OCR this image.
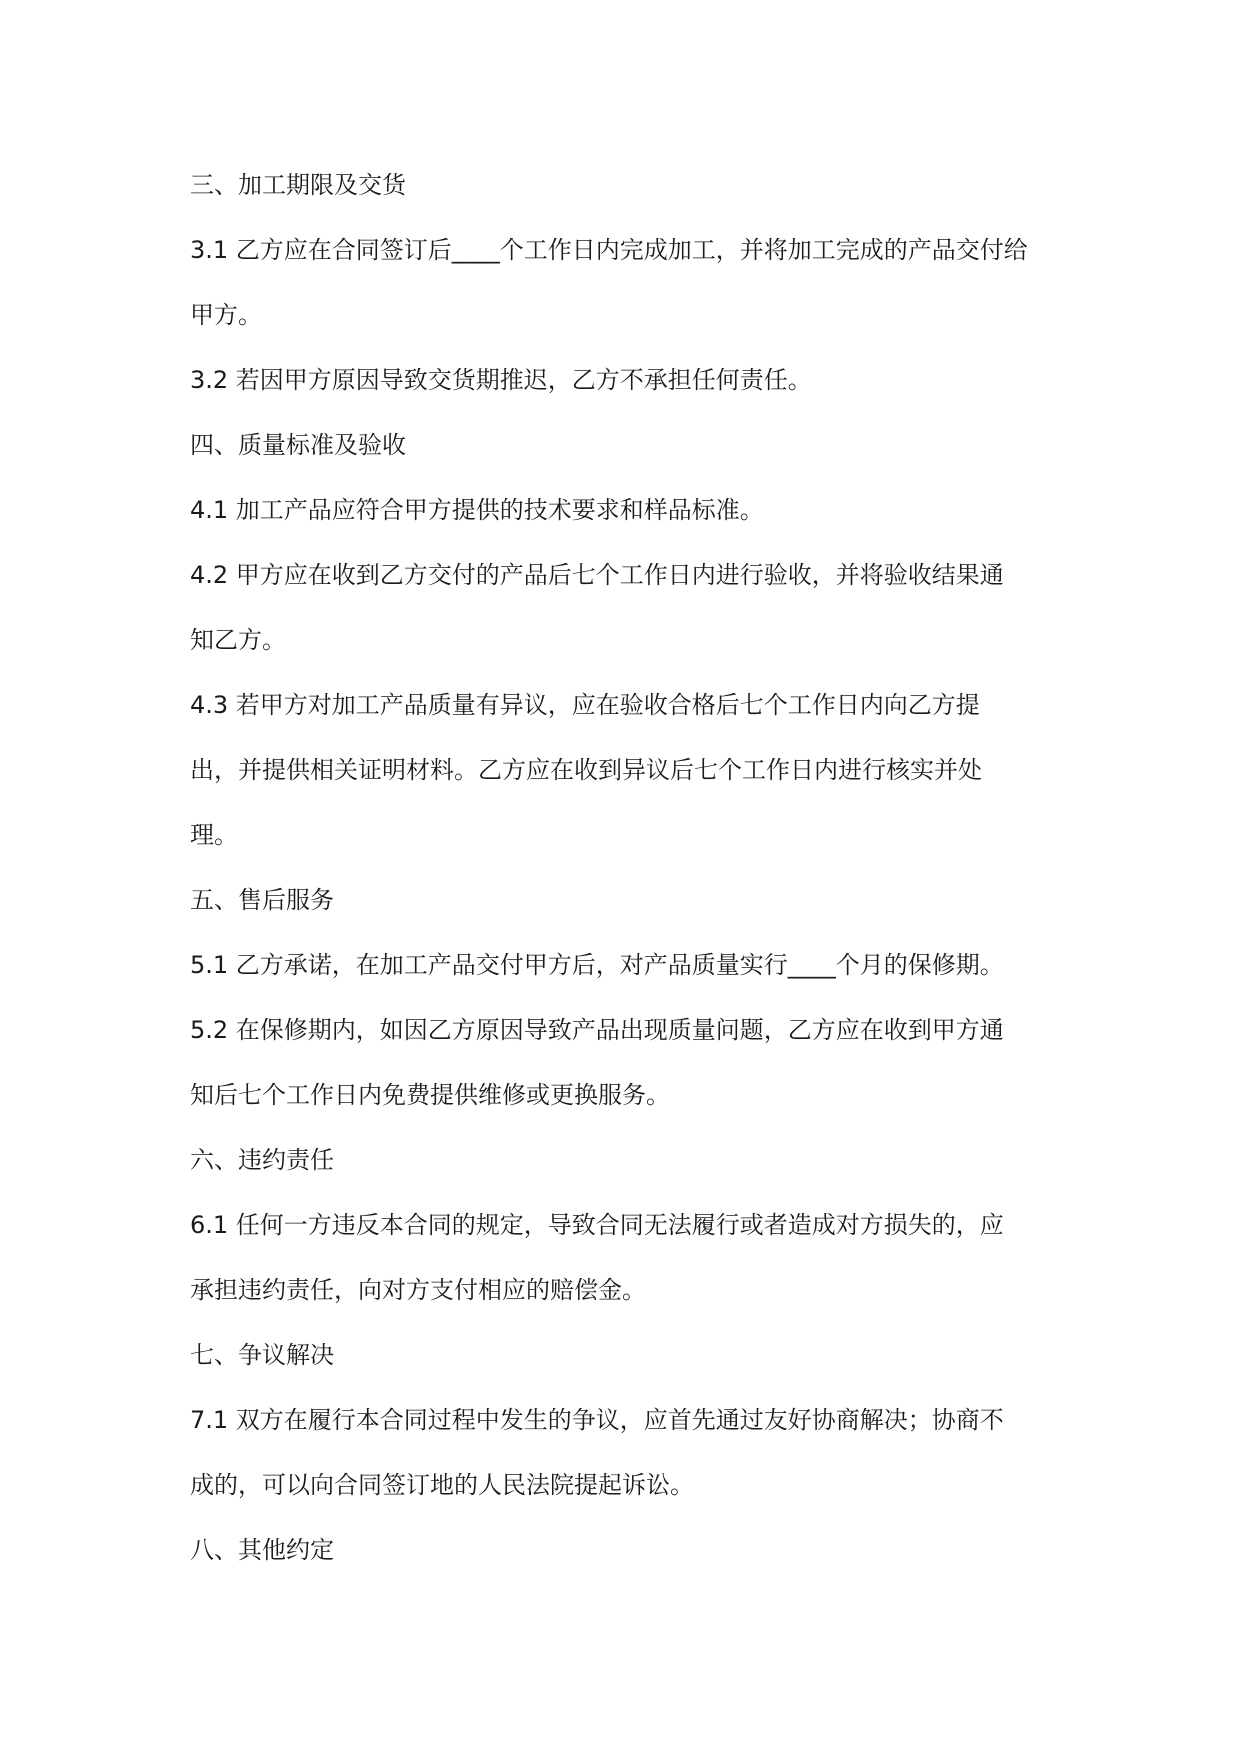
三、加工期限及交货

3.1 乙方应在合同签订后____个工作日内完成加工，并将加工完成的产品交付给

甲方。

3.2 若因甲方原因导致交货期推迟，乙方不承担任何责任。

四、质量标准及验收

4.1 加工产品应符合甲方提供的技术要求和样品标准。

4.2 甲方应在收到乙方交付的产品后七个工作日内进行验收，并将验收结果通

知乙方。

4.3 若甲方对加工产品质量有异议，应在验收合格后七个工作日内向乙方提

出，并提供相关证明材料。乙方应在收到异议后七个工作日内进行核实并处

理。

五、售后服务

5.1 乙方承诺，在加工产品交付甲方后，对产品质量实行____个月的保修期。

5.2 在保修期内，如因乙方原因导致产品出现质量问题，乙方应在收到甲方通

知后七个工作日内免费提供维修或更换服务。

六、违约责任

6.1 任何一方违反本合同的规定，导致合同无法履行或者造成对方损失的，应

承担违约责任，向对方支付相应的赔偿金。

七、争议解决

7.1 双方在履行本合同过程中发生的争议，应首先通过友好协商解决；协商不

成的，可以向合同签订地的人民法院提起诉讼。

八、其他约定
